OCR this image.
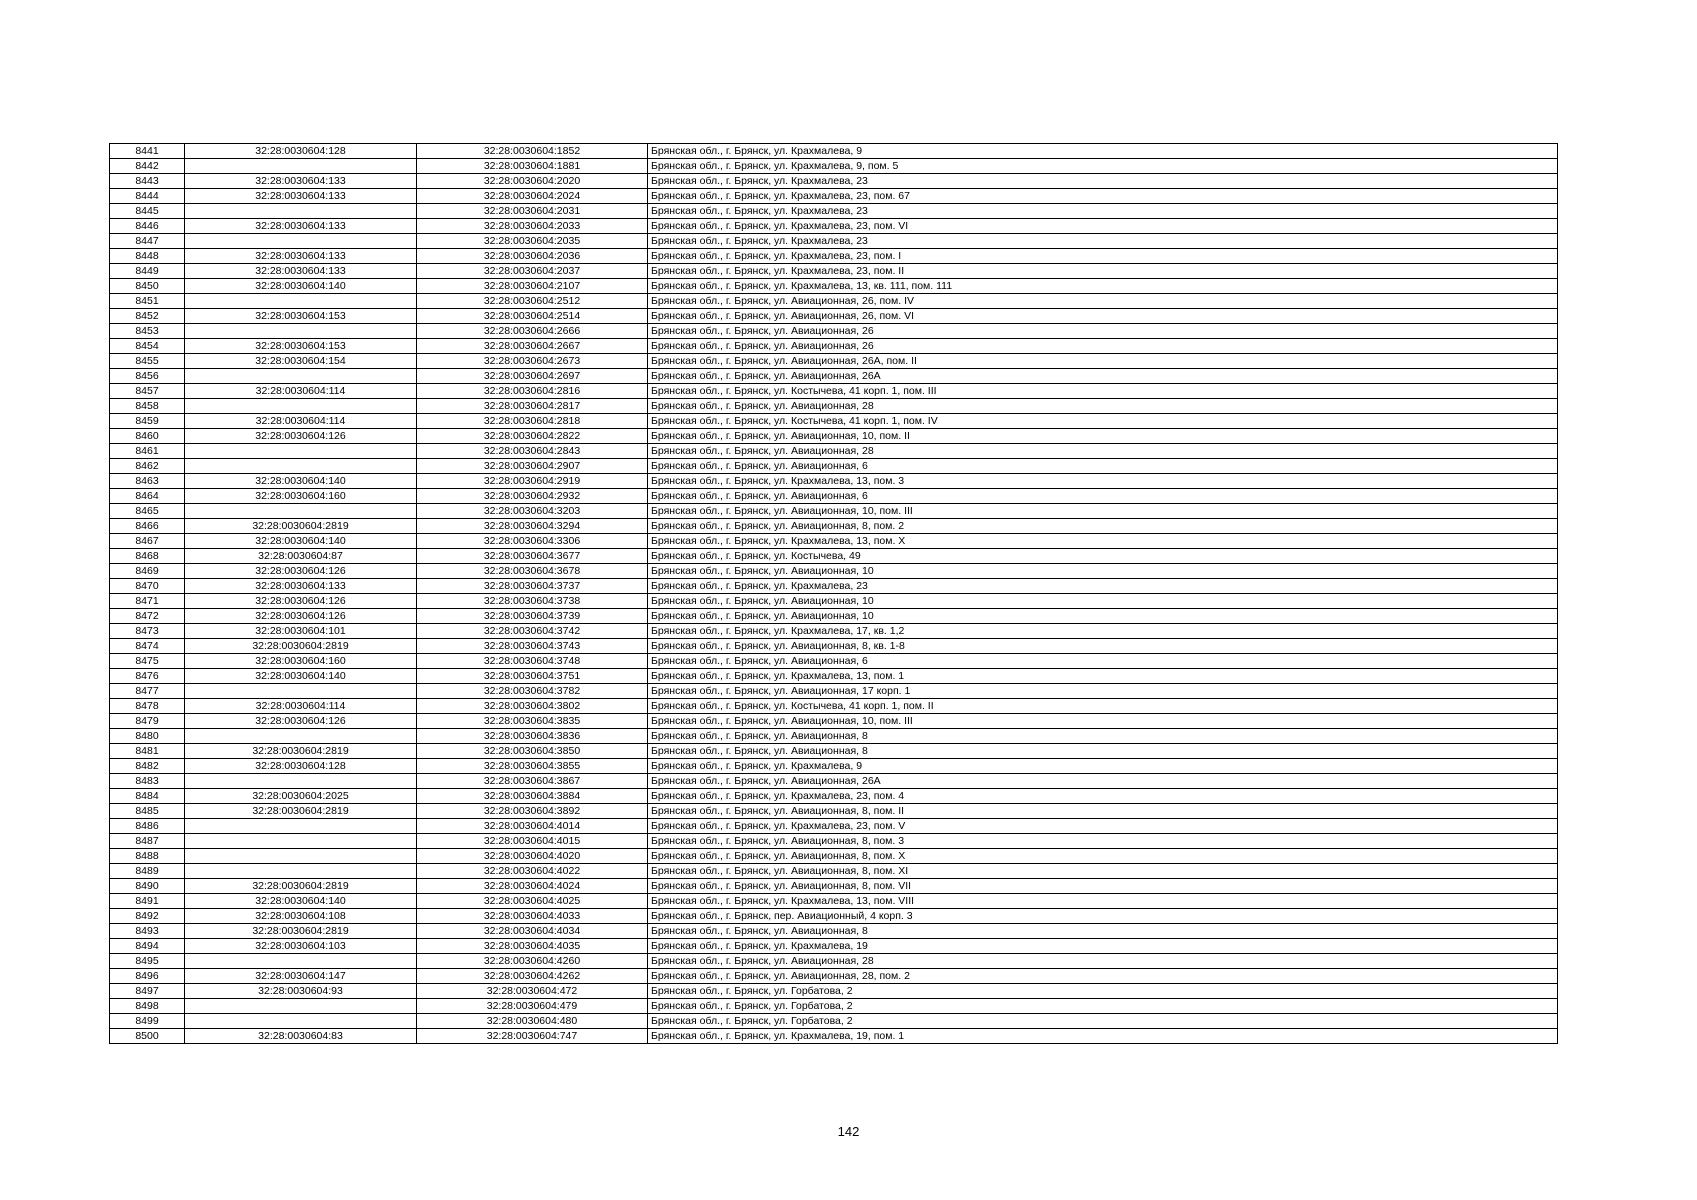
8441	32:28:0030604:128	32:28:0030604:1852	Брянская обл., г. Брянск, ул. Крахмалева, 9
8442		32:28:0030604:1881	Брянская обл., г. Брянск, ул. Крахмалева, 9, пом. 5
8443	32:28:0030604:133	32:28:0030604:2020	Брянская обл., г. Брянск, ул. Крахмалева, 23
8444	32:28:0030604:133	32:28:0030604:2024	Брянская обл., г. Брянск, ул. Крахмалева, 23, пом. 67
8445		32:28:0030604:2031	Брянская обл., г. Брянск, ул. Крахмалева, 23
8446	32:28:0030604:133	32:28:0030604:2033	Брянская обл., г. Брянск, ул. Крахмалева, 23, пом. VI
8447		32:28:0030604:2035	Брянская обл., г. Брянск, ул. Крахмалева, 23
8448	32:28:0030604:133	32:28:0030604:2036	Брянская обл., г. Брянск, ул. Крахмалева, 23, пом. I
8449	32:28:0030604:133	32:28:0030604:2037	Брянская обл., г. Брянск, ул. Крахмалева, 23, пом. II
8450	32:28:0030604:140	32:28:0030604:2107	Брянская обл., г. Брянск, ул. Крахмалева, 13, кв. 111, пом. 111
8451		32:28:0030604:2512	Брянская обл., г. Брянск, ул. Авиационная, 26, пом. IV
8452	32:28:0030604:153	32:28:0030604:2514	Брянская обл., г. Брянск, ул. Авиационная, 26, пом. VI
8453		32:28:0030604:2666	Брянская обл., г. Брянск, ул. Авиационная, 26
8454	32:28:0030604:153	32:28:0030604:2667	Брянская обл., г. Брянск, ул. Авиационная, 26
8455	32:28:0030604:154	32:28:0030604:2673	Брянская обл., г. Брянск, ул. Авиационная, 26А, пом. II
8456		32:28:0030604:2697	Брянская обл., г. Брянск, ул. Авиационная, 26А
8457	32:28:0030604:114	32:28:0030604:2816	Брянская обл., г. Брянск, ул. Костычева, 41 корп. 1, пом. III
8458		32:28:0030604:2817	Брянская обл., г. Брянск, ул. Авиационная, 28
8459	32:28:0030604:114	32:28:0030604:2818	Брянская обл., г. Брянск, ул. Костычева, 41 корп. 1, пом. IV
8460	32:28:0030604:126	32:28:0030604:2822	Брянская обл., г. Брянск, ул. Авиационная, 10, пом. II
8461		32:28:0030604:2843	Брянская обл., г. Брянск, ул. Авиационная, 28
8462		32:28:0030604:2907	Брянская обл., г. Брянск, ул. Авиационная, 6
8463	32:28:0030604:140	32:28:0030604:2919	Брянская обл., г. Брянск, ул. Крахмалева, 13, пом. 3
8464	32:28:0030604:160	32:28:0030604:2932	Брянская обл., г. Брянск, ул. Авиационная, 6
8465		32:28:0030604:3203	Брянская обл., г. Брянск, ул. Авиационная, 10, пом. III
8466	32:28:0030604:2819	32:28:0030604:3294	Брянская обл., г. Брянск, ул. Авиационная, 8, пом. 2
8467	32:28:0030604:140	32:28:0030604:3306	Брянская обл., г. Брянск, ул. Крахмалева, 13, пом. X
8468	32:28:0030604:87	32:28:0030604:3677	Брянская обл., г. Брянск, ул. Костычева, 49
8469	32:28:0030604:126	32:28:0030604:3678	Брянская обл., г. Брянск, ул. Авиационная, 10
8470	32:28:0030604:133	32:28:0030604:3737	Брянская обл., г. Брянск, ул. Крахмалева, 23
8471	32:28:0030604:126	32:28:0030604:3738	Брянская обл., г. Брянск, ул. Авиационная, 10
8472	32:28:0030604:126	32:28:0030604:3739	Брянская обл., г. Брянск, ул. Авиационная, 10
8473	32:28:0030604:101	32:28:0030604:3742	Брянская обл., г. Брянск, ул. Крахмалева, 17, кв. 1,2
8474	32:28:0030604:2819	32:28:0030604:3743	Брянская обл., г. Брянск, ул. Авиационная, 8, кв. 1-8
8475	32:28:0030604:160	32:28:0030604:3748	Брянская обл., г. Брянск, ул. Авиационная, 6
8476	32:28:0030604:140	32:28:0030604:3751	Брянская обл., г. Брянск, ул. Крахмалева, 13, пом. 1
8477		32:28:0030604:3782	Брянская обл., г. Брянск, ул. Авиационная, 17 корп. 1
8478	32:28:0030604:114	32:28:0030604:3802	Брянская обл., г. Брянск, ул. Костычева, 41 корп. 1, пом. II
8479	32:28:0030604:126	32:28:0030604:3835	Брянская обл., г. Брянск, ул. Авиационная, 10, пом. III
8480		32:28:0030604:3836	Брянская обл., г. Брянск, ул. Авиационная, 8
8481	32:28:0030604:2819	32:28:0030604:3850	Брянская обл., г. Брянск, ул. Авиационная, 8
8482	32:28:0030604:128	32:28:0030604:3855	Брянская обл., г. Брянск, ул. Крахмалева, 9
8483		32:28:0030604:3867	Брянская обл., г. Брянск, ул. Авиационная, 26А
8484	32:28:0030604:2025	32:28:0030604:3884	Брянская обл., г. Брянск, ул. Крахмалева, 23, пом. 4
8485	32:28:0030604:2819	32:28:0030604:3892	Брянская обл., г. Брянск, ул. Авиационная, 8, пом. II
8486		32:28:0030604:4014	Брянская обл., г. Брянск, ул. Крахмалева, 23, пом. V
8487		32:28:0030604:4015	Брянская обл., г. Брянск, ул. Авиационная, 8, пом. 3
8488		32:28:0030604:4020	Брянская обл., г. Брянск, ул. Авиационная, 8, пом. X
8489		32:28:0030604:4022	Брянская обл., г. Брянск, ул. Авиационная, 8, пом. XI
8490	32:28:0030604:2819	32:28:0030604:4024	Брянская обл., г. Брянск, ул. Авиационная, 8, пом. VII
8491	32:28:0030604:140	32:28:0030604:4025	Брянская обл., г. Брянск, ул. Крахмалева, 13, пом. VIII
8492	32:28:0030604:108	32:28:0030604:4033	Брянская обл., г. Брянск, пер. Авиационный, 4 корп. 3
8493	32:28:0030604:2819	32:28:0030604:4034	Брянская обл., г. Брянск, ул. Авиационная, 8
8494	32:28:0030604:103	32:28:0030604:4035	Брянская обл., г. Брянск, ул. Крахмалева, 19
8495		32:28:0030604:4260	Брянская обл., г. Брянск, ул. Авиационная, 28
8496	32:28:0030604:147	32:28:0030604:4262	Брянская обл., г. Брянск, ул. Авиационная, 28, пом. 2
8497	32:28:0030604:93	32:28:0030604:472	Брянская обл., г. Брянск, ул. Горбатова, 2
8498		32:28:0030604:479	Брянская обл., г. Брянск, ул. Горбатова, 2
8499		32:28:0030604:480	Брянская обл., г. Брянск, ул. Горбатова, 2
8500	32:28:0030604:83	32:28:0030604:747	Брянская обл., г. Брянск, ул. Крахмалева, 19, пом. 1
142
